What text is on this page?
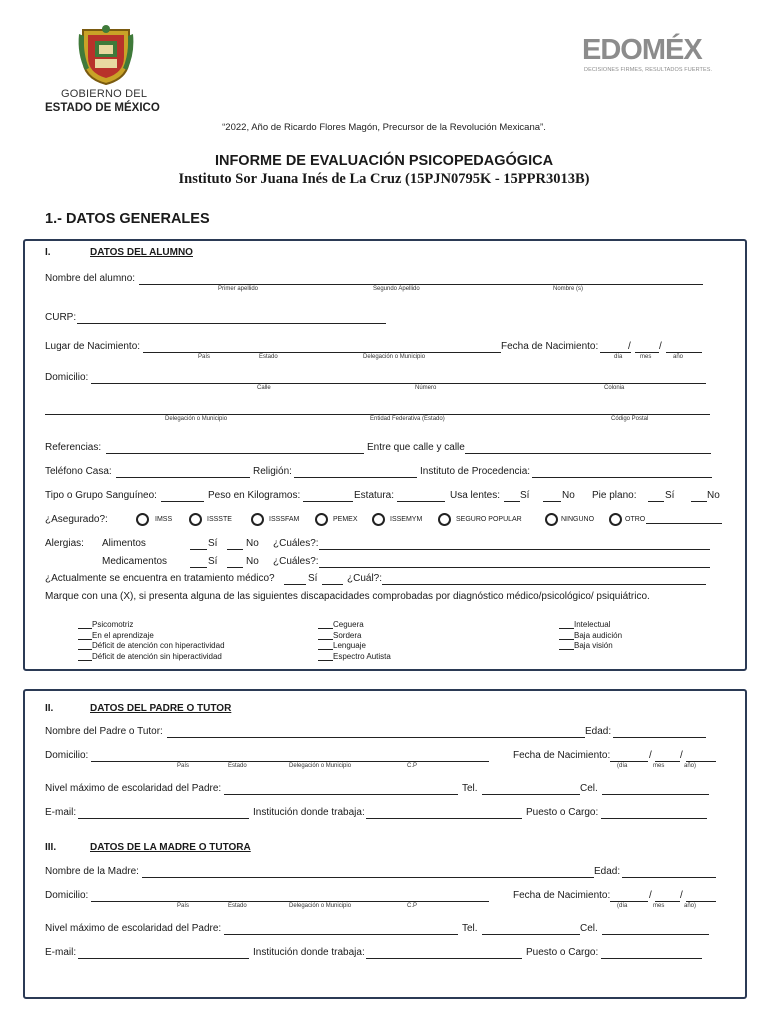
GOBIERNO DEL
ESTADO DE MÉXICO
EDOMÉX
DECISIONES FIRMES, RESULTADOS FUERTES.
“2022, Año de Ricardo Flores Magón, Precursor de la Revolución Mexicana”.
INFORME DE EVALUACIÓN PSICOPEDAGÓGICA
Instituto Sor Juana Inés de La Cruz (15PJN0795K - 15PPR3013B)
1.- DATOS GENERALES
I.	DATOS DEL ALUMNO
Nombre del alumno:
Primer apellido	Segundo Apellido	Nombre (s)
CURP:
Lugar de Nacimiento:
País	Estado	Delegación o Municipio
Fecha de Nacimiento:	/	/
día	mes	año
Domicilio:
Calle	Número	Colonia
Delegación o Municipio	Entidad Federativa (Estado)	Código Postal
Referencias:	Entre que calle y calle
Teléfono Casa:	Religión:	Instituto de Procedencia:
Tipo o Grupo Sanguíneo:	Peso en Kilogramos:	Estatura:	Usa lentes: Sí	No Pie plano:	Sí	No
¿Asegurado?:	IMSS	ISSSTE	ISSSFAM	PEMEX	ISSEMYM	SEGURO POPULAR	NINGUNO	OTRO
Alergias: Alimentos	Sí	No ¿Cuáles?:
Medicamentos	Sí	No ¿Cuáles?:
¿Actualmente se encuentra en tratamiento médico?	Sí	¿Cuál?:
Marque con una (X), si presenta alguna de las siguientes discapacidades comprobadas por diagnóstico médico/psicológico/ psiquiátrico.
Psicomotriz
En el aprendizaje
Déficit de atención con hiperactividad
Déficit de atención sin hiperactividad
Ceguera
Sordera
Lenguaje
Espectro Autista
Intelectual
Baja audición
Baja visión
II.	DATOS DEL PADRE O TUTOR
Nombre del Padre o Tutor:	Edad:
Domicilio:
País	Estado	Delegación o Municipio	C.P
Fecha de Nacimiento:	/	/
(día	mes	año)
Nivel máximo de escolaridad del Padre:	Tel.	Cel.
E-mail:	Institución donde trabaja:	Puesto o Cargo:
III.	DATOS DE LA MADRE O TUTORA
Nombre de la Madre:	Edad:
Domicilio:
País	Estado	Delegación o Municipio	C.P
Fecha de Nacimiento:	/	/
(día	mes	año)
Nivel máximo de escolaridad del Padre:	Tel.	Cel.
E-mail:	Institución donde trabaja:	Puesto o Cargo:
